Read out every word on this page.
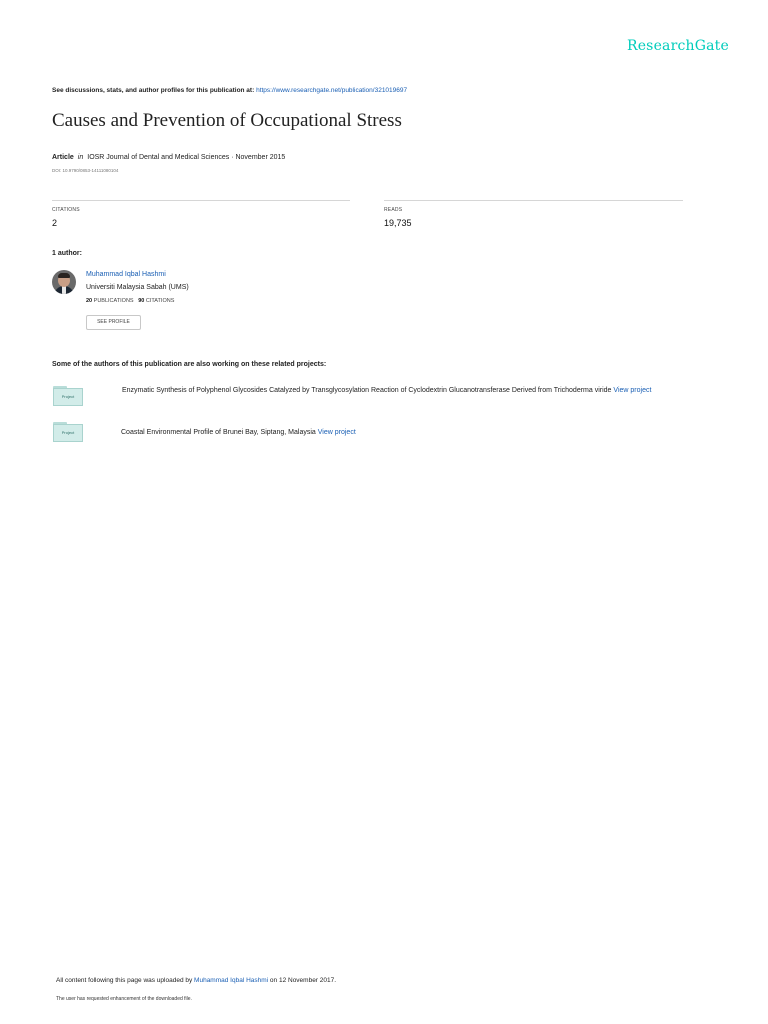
ResearchGate
See discussions, stats, and author profiles for this publication at: https://www.researchgate.net/publication/321019697
Causes and Prevention of Occupational Stress
Article in IOSR Journal of Dental and Medical Sciences · November 2015
DOI: 10.9790/0853-14111080104
CITATIONS
2
READS
19,735
1 author:
Muhammad Iqbal Hashmi
Universiti Malaysia Sabah (UMS)
20 PUBLICATIONS 90 CITATIONS
SEE PROFILE
Some of the authors of this publication are also working on these related projects:
Project
Enzymatic Synthesis of Polyphenol Glycosides Catalyzed by Transglycosylation Reaction of Cyclodextrin Glucanotransferase Derived from Trichoderma viride View project
Project	Coastal Environmental Profile of Brunei Bay, Siptang, Malaysia View project
All content following this page was uploaded by Muhammad Iqbal Hashmi on 12 November 2017.
The user has requested enhancement of the downloaded file.
